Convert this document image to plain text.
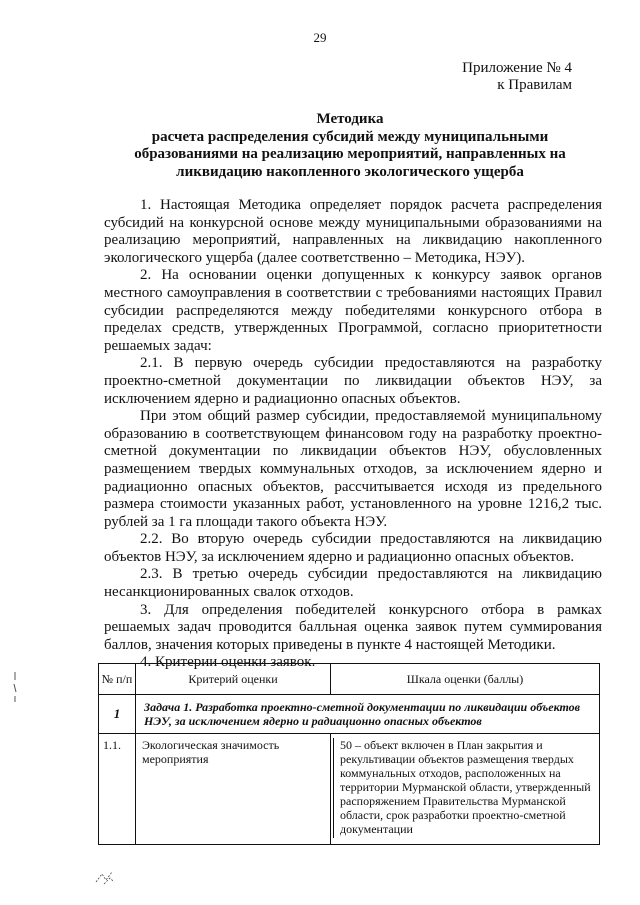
29
Приложение № 4
к Правилам
Методика
расчета распределения субсидий между муниципальными
образованиями на реализацию мероприятий, направленных на
ликвидацию накопленного экологического ущерба

1. Настоящая Методика определяет порядок расчета распределения субсидий на конкурсной основе между муниципальными образованиями на реализацию мероприятий, направленных на ликвидацию накопленного экологического ущерба (далее соответственно – Методика, НЭУ).

2. На основании оценки допущенных к конкурсу заявок органов местного самоуправления в соответствии с требованиями настоящих Правил субсидии распределяются между победителями конкурсного отбора в пределах средств, утвержденных Программой, согласно приоритетности решаемых задач:

2.1. В первую очередь субсидии предоставляются на разработку проектно-сметной документации по ликвидации объектов НЭУ, за исключением ядерно и радиационно опасных объектов.

При этом общий размер субсидии, предоставляемой муниципальному образованию в соответствующем финансовом году на разработку проектно-сметной документации по ликвидации объектов НЭУ, обусловленных размещением твердых коммунальных отходов, за исключением ядерно и радиационно опасных объектов, рассчитывается исходя из предельного размера стоимости указанных работ, установленного на уровне 1216,2 тыс. рублей за 1 га площади такого объекта НЭУ.

2.2. Во вторую очередь субсидии предоставляются на ликвидацию объектов НЭУ, за исключением ядерно и радиационно опасных объектов.

2.3. В третью очередь субсидии предоставляются на ликвидацию несанкционированных свалок отходов.

3. Для определения победителей конкурсного отбора в рамках решаемых задач проводится балльная оценка заявок путем суммирования баллов, значения которых приведены в пункте 4 настоящей Методики.

4. Критерии оценки заявок.

№ п/п	Критерий оценки	Шкала оценки (баллы)
1	Задача 1. Разработка проектно-сметной документации по ликвидации объектов НЭУ, за исключением ядерно и радиационно опасных объектов	
1.1.	Экологическая значимость мероприятия	50 – объект включен в План закрытия и рекультивации объектов размещения твердых коммунальных отходов, расположенных на территории Мурманской области, утвержденный распоряжением Правительства Мурманской области, срок разработки проектно-сметной документации
